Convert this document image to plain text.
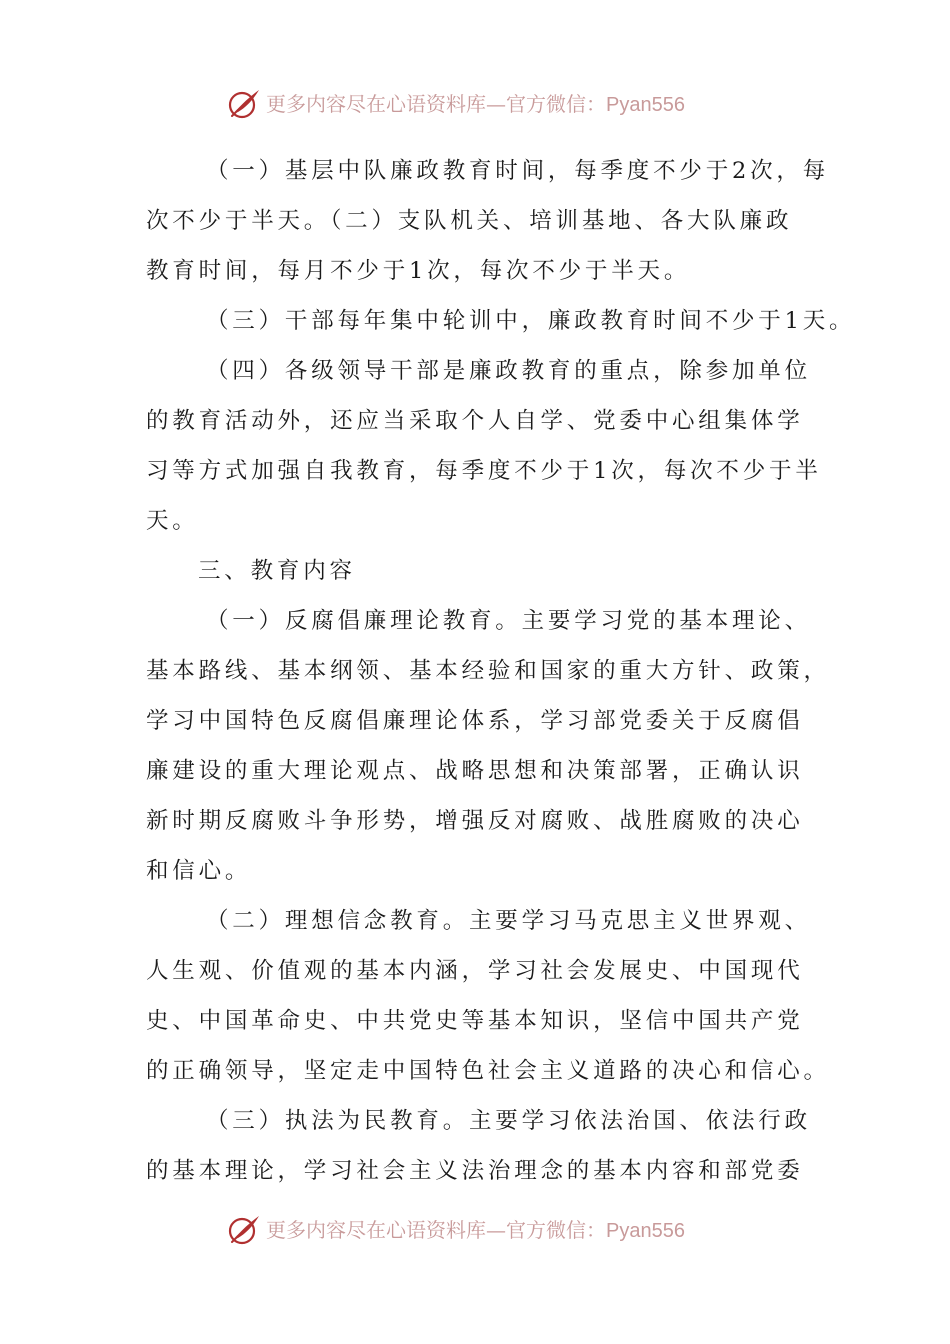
更多内容尽在心语资料库—官方微信：Pyan556
（一）基层中队廉政教育时间，每季度不少于2次，每
次不少于半天。（二）支队机关、培训基地、各大队廉政
教育时间，每月不少于1次，每次不少于半天。
（三）干部每年集中轮训中，廉政教育时间不少于1天。
（四）各级领导干部是廉政教育的重点，除参加单位
的教育活动外，还应当采取个人自学、党委中心组集体学
习等方式加强自我教育，每季度不少于1次，每次不少于半
天。
三、教育内容
（一）反腐倡廉理论教育。主要学习党的基本理论、
基本路线、基本纲领、基本经验和国家的重大方针、政策，
学习中国特色反腐倡廉理论体系，学习部党委关于反腐倡
廉建设的重大理论观点、战略思想和决策部署，正确认识
新时期反腐败斗争形势，增强反对腐败、战胜腐败的决心
和信心。
（二）理想信念教育。主要学习马克思主义世界观、
人生观、价值观的基本内涵，学习社会发展史、中国现代
史、中国革命史、中共党史等基本知识，坚信中国共产党
的正确领导，坚定走中国特色社会主义道路的决心和信心。
（三）执法为民教育。主要学习依法治国、依法行政
的基本理论，学习社会主义法治理念的基本内容和部党委
更多内容尽在心语资料库—官方微信：Pyan556
